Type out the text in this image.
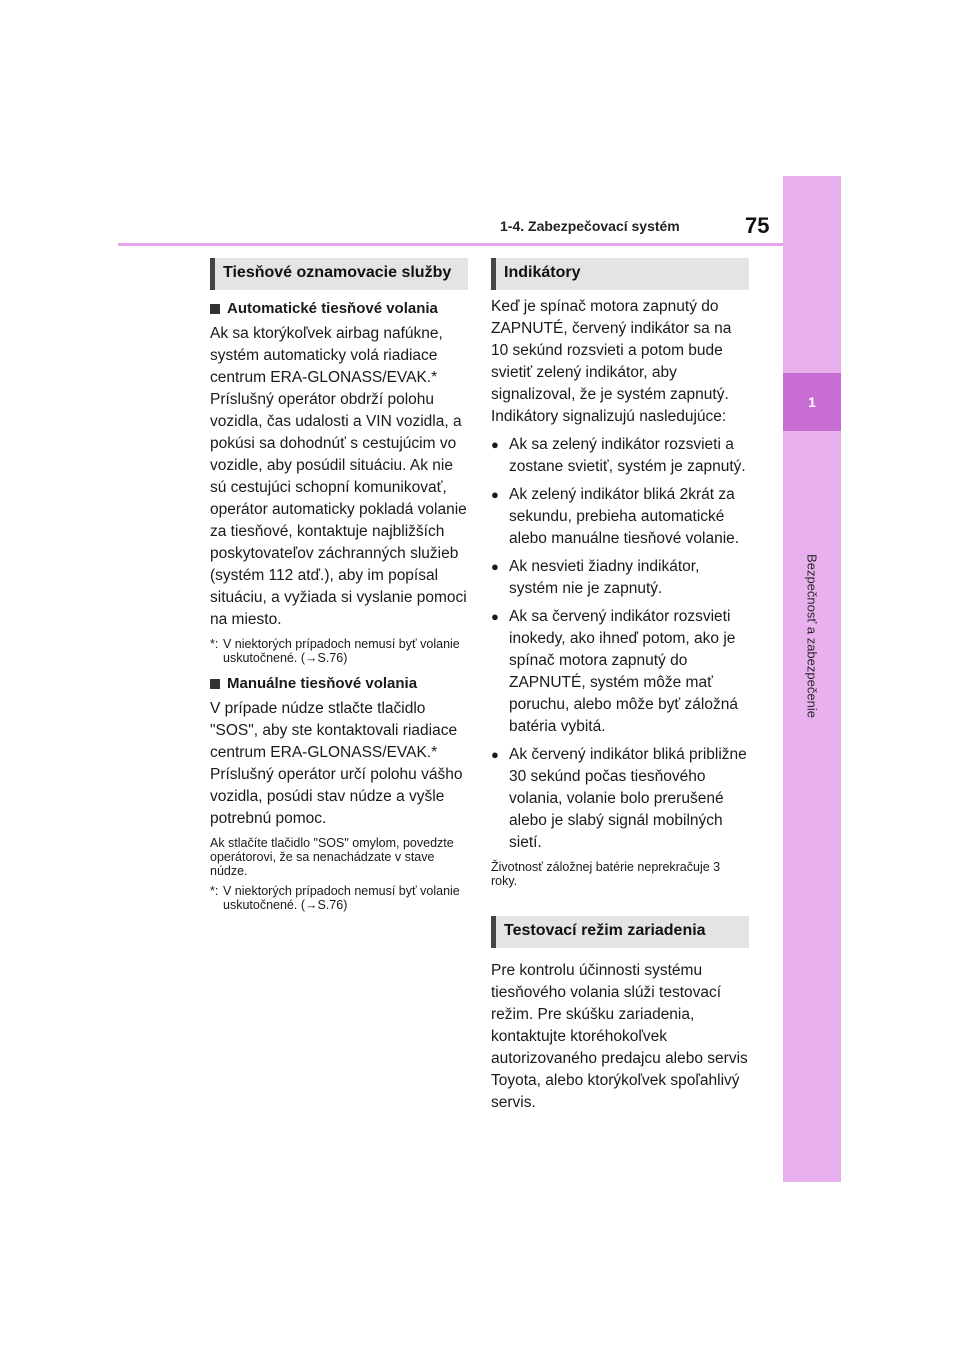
1-4. Zabezpečovací systém	75
1
Bezpečnosť a zabezpečenie
Tiesňové oznamovacie služby
Automatické tiesňové volania
Ak sa ktorýkoľvek airbag nafúkne, systém automaticky volá riadiace centrum ERA-GLONASS/EVAK.* Príslušný operátor obdrží polohu vozidla, čas udalosti a VIN vozidla, a pokúsi sa dohodnúť s cestujúcim vo vozidle, aby posúdil situáciu. Ak nie sú cestujúci schopní komunikovať, operátor automaticky pokladá volanie za tiesňové, kontaktuje najbližších poskytovateľov záchranných služieb (systém 112 atď.), aby im popísal situáciu, a vyžiada si vyslanie pomoci na miesto.
*: V niektorých prípadoch nemusí byť volanie uskutočnené. (→S.76)
Manuálne tiesňové volania
V prípade núdze stlačte tlačidlo "SOS", aby ste kontaktovali riadiace centrum ERA-GLONASS/EVAK.* Príslušný operátor určí polohu vášho vozidla, posúdi stav núdze a vyšle potrebnú pomoc.
Ak stlačíte tlačidlo "SOS" omylom, povedzte operátorovi, že sa nenachádzate v stave núdze.
*: V niektorých prípadoch nemusí byť volanie uskutočnené. (→S.76)
Indikátory
Keď je spínač motora zapnutý do ZAPNUTÉ, červený indikátor sa na 10 sekúnd rozsvieti a potom bude svietiť zelený indikátor, aby signalizoval, že je systém zapnutý. Indikátory signalizujú nasledujúce:
● Ak sa zelený indikátor rozsvieti a zostane svietiť, systém je zapnutý.
● Ak zelený indikátor bliká 2krát za sekundu, prebieha automatické alebo manuálne tiesňové volanie.
● Ak nesvieti žiadny indikátor, systém nie je zapnutý.
● Ak sa červený indikátor rozsvieti inokedy, ako ihneď potom, ako je spínač motora zapnutý do ZAPNUTÉ, systém môže mať poruchu, alebo môže byť záložná batéria vybitá.
● Ak červený indikátor bliká približne 30 sekúnd počas tiesňového volania, volanie bolo prerušené alebo je slabý signál mobilných sietí.
Životnosť záložnej batérie neprekračuje 3 roky.
Testovací režim zariadenia
Pre kontrolu účinnosti systému tiesňového volania slúži testovací režim. Pre skúšku zariadenia, kontaktujte ktoréhokoľvek autorizovaného predajcu alebo servis Toyota, alebo ktorýkoľvek spoľahlivý servis.
